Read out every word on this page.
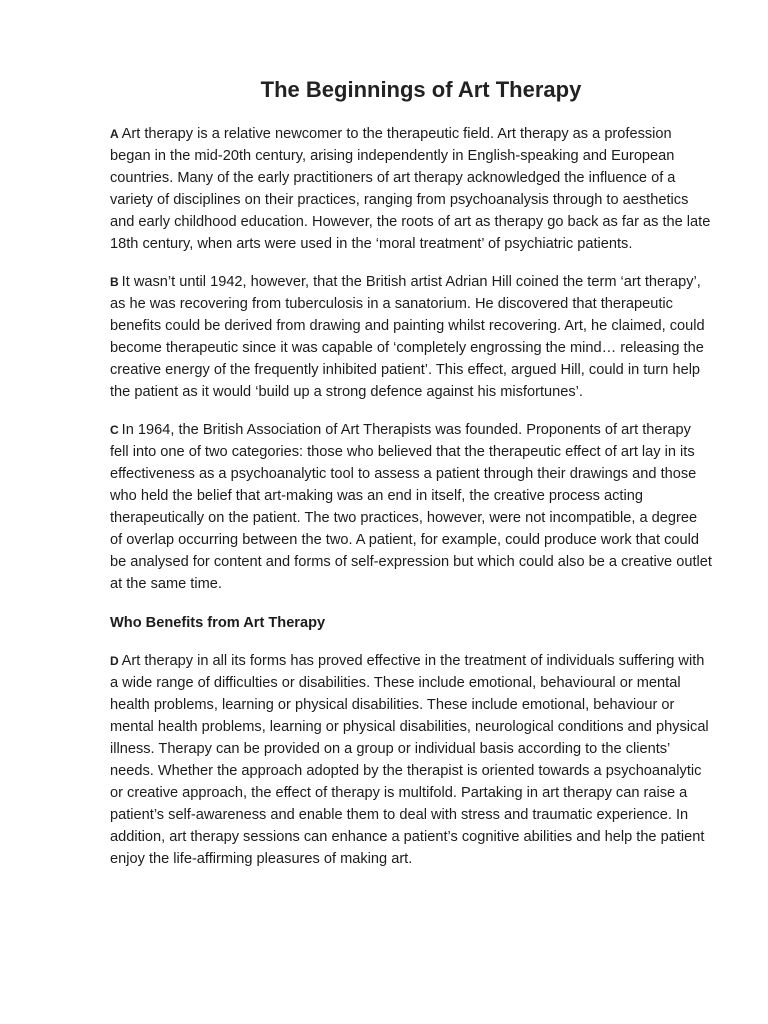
The Beginnings of Art Therapy

A Art therapy is a relative newcomer to the therapeutic field. Art therapy as a profession began in the mid-20th century, arising independently in English-speaking and European countries. Many of the early practitioners of art therapy acknowledged the influence of a variety of disciplines on their practices, ranging from psychoanalysis through to aesthetics and early childhood education. However, the roots of art as therapy go back as far as the late 18th century, when arts were used in the ‘moral treatment’ of psychiatric patients.

B It wasn’t until 1942, however, that the British artist Adrian Hill coined the term ‘art therapy’, as he was recovering from tuberculosis in a sanatorium. He discovered that therapeutic benefits could be derived from drawing and painting whilst recovering. Art, he claimed, could become therapeutic since it was capable of ‘completely engrossing the mind… releasing the creative energy of the frequently inhibited patient’. This effect, argued Hill, could in turn help the patient as it would ‘build up a strong defence against his misfortunes’.

C In 1964, the British Association of Art Therapists was founded. Proponents of art therapy fell into one of two categories: those who believed that the therapeutic effect of art lay in its effectiveness as a psychoanalytic tool to assess a patient through their drawings and those who held the belief that art-making was an end in itself, the creative process acting therapeutically on the patient. The two practices, however, were not incompatible, a degree of overlap occurring between the two. A patient, for example, could produce work that could be analysed for content and forms of self-expression but which could also be a creative outlet at the same time.

Who Benefits from Art Therapy

D Art therapy in all its forms has proved effective in the treatment of individuals suffering with a wide range of difficulties or disabilities. These include emotional, behavioural or mental health problems, learning or physical disabilities. These include emotional, behaviour or mental health problems, learning or physical disabilities, neurological conditions and physical illness. Therapy can be provided on a group or individual basis according to the clients’ needs. Whether the approach adopted by the therapist is oriented towards a psychoanalytic or creative approach, the effect of therapy is multifold. Partaking in art therapy can raise a patient’s self-awareness and enable them to deal with stress and traumatic experience. In addition, art therapy sessions can enhance a patient’s cognitive abilities and help the patient enjoy the life-affirming pleasures of making art.
